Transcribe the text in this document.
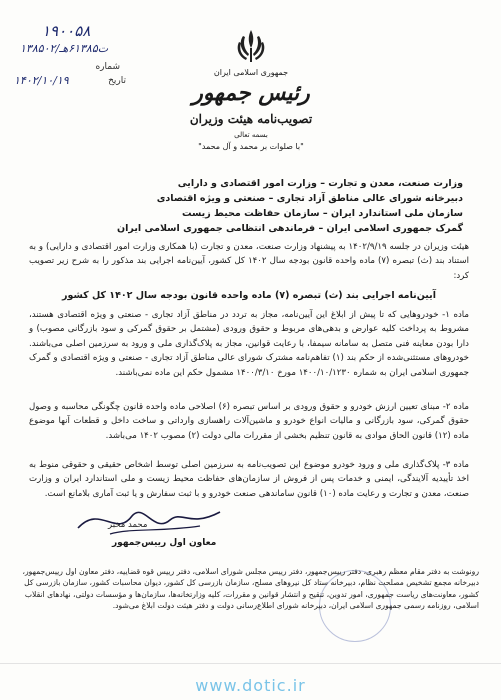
۱۹۰۰۵۸
شماره
۱۳۸۵۰۲/ت۶۱۳۸۵هـ
تاریخ
۱۴۰۲/۱۰/۱۹
جمهوری اسلامی ایران
رئیس جمهور
تصویب‌نامه هیئت وزیران
بسمه تعالی
"با صلوات بر محمد و آل محمد"
وزارت صنعت، معدن و تجارت – وزارت امور اقتصادی و دارایی
دبیرخانه شورای عالی مناطق آزاد تجاری – صنعتی و ویژه اقتصادی
سازمان ملی استاندارد ایران – سازمان حفاظت محیط زیست
گمرک جمهوری اسلامی ایران – فرماندهی انتظامی جمهوری اسلامی ایران
هیئت وزیران در جلسه ۱۴۰۲/۹/۱۹ به پیشنهاد وزارت صنعت، معدن و تجارت (با همکاری وزارت امور اقتصادی و دارایی) و به استناد بند (ث) تبصره (۷) ماده واحده قانون بودجه سال ۱۴۰۲ کل کشور، آیین‌نامه اجرایی بند مذکور را به شرح زیر تصویب کرد:
آیین‌نامه اجرایی بند (ث) تبصره (۷) ماده واحده قانون بودجه سال ۱۴۰۲ کل کشور
ماده ۱- خودروهایی که تا پیش از ابلاغ این آیین‌نامه، مجاز به تردد در مناطق آزاد تجاری - صنعتی و ویژه اقتصادی هستند، مشروط به پرداخت کلیه عوارض و بدهی‌های مربوط و حقوق ورودی (مشتمل بر حقوق گمرکی و سود بازرگانی مصوب) و دارا بودن معاینه فنی متصل به سامانه سیمفا، با رعایت قوانین، مجاز به پلاک‌گذاری ملی و ورود به سرزمین اصلی می‌باشند. خودروهای مستثنی‌شده از حکم بند (۱) تفاهم‌نامه مشترک شورای عالی مناطق آزاد تجاری - صنعتی و ویژه اقتصادی و گمرک جمهوری اسلامی ایران به شماره ۱۴۰۰/۱۰/۱۲۳۰ مورخ ۱۴۰۰/۳/۱۰ مشمول حکم این ماده نمی‌باشند.
ماده ۲- مبنای تعیین ارزش خودرو و حقوق ورودی بر اساس تبصره (۶) اصلاحی ماده واحده قانون چگونگی محاسبه و وصول حقوق گمرکی، سود بازرگانی و مالیات انواع خودرو و ماشین‌آلات راهسازی وارداتی و ساخت داخل و قطعات آنها موضوع ماده (۱۲) قانون الحاق موادی به قانون تنظیم بخشی از مقررات مالی دولت (۲) مصوب ۱۴۰۲ می‌باشد.
ماده ۳- پلاک‌گذاری ملی و ورود خودرو موضوع این تصویب‌نامه به سرزمین اصلی توسط اشخاص حقیقی و حقوقی منوط به اخذ تأییدیه آلایندگی، ایمنی و خدمات پس از فروش از سازمان‌های حفاظت محیط زیست و ملی استاندارد ایران و وزارت صنعت، معدن و تجارت و رعایت ماده (۱۰) قانون ساماندهی صنعت خودرو و با ثبت سفارش و یا ثبت آماری بلامانع است.
محمد مخبر
معاون اول رییس‌جمهور
رونوشت به دفتر مقام معظم رهبری، دفتر رییس‌جمهور، دفتر رییس مجلس شورای اسلامی، دفتر رییس قوه قضاییه، دفتر معاون اول رییس‌جمهور، دبیرخانه مجمع تشخیص مصلحت نظام، دبیرخانه ستاد کل نیروهای مسلح، سازمان بازرسی کل کشور، دیوان محاسبات کشور، سازمان بازرسی کل کشور، معاونت‌های ریاست جمهوری، امور تدوین، تنقیح و انتشار قوانین و مقررات، کلیه وزارتخانه‌ها، سازمان‌ها و مؤسسات دولتی، نهادهای انقلاب اسلامی، روزنامه رسمی جمهوری اسلامی ایران، دبیرخانه شورای اطلاع‌رسانی دولت و دفتر هیئت دولت ابلاغ می‌شود.
www.dotic.ir
